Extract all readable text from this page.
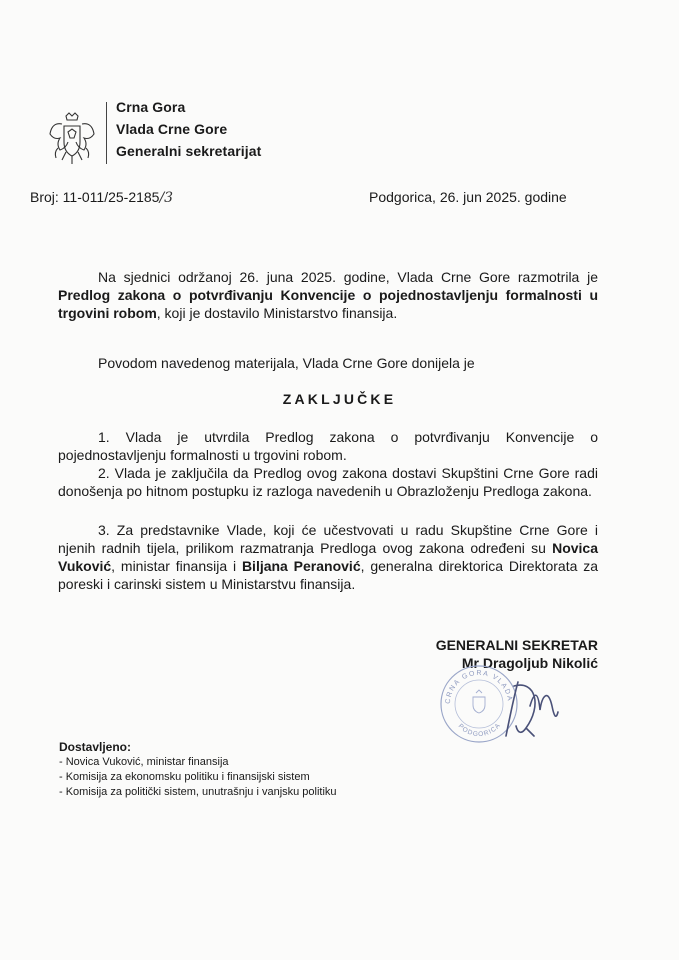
Crna Gora
Vlada Crne Gore
Generalni sekretarijat
Broj: 11-011/25-2185/3	Podgorica, 26. jun 2025. godine
Na sjednici održanoj 26. juna 2025. godine, Vlada Crne Gore razmotrila je Predlog zakona o potvrđivanju Konvencije o pojednostavljenju formalnosti u trgovini robom, koji je dostavilo Ministarstvo finansija.
Povodom navedenog materijala, Vlada Crne Gore donijela je
ZAKLJUČKE
1. Vlada je utvrdila Predlog zakona o potvrđivanju Konvencije o pojednostavljenju formalnosti u trgovini robom.
2. Vlada je zaključila da Predlog ovog zakona dostavi Skupštini Crne Gore radi donošenja po hitnom postupku iz razloga navedenih u Obrazloženju Predloga zakona.
3. Za predstavnike Vlade, koji će učestvovati u radu Skupštine Crne Gore i njenih radnih tijela, prilikom razmatranja Predloga ovog zakona određeni su Novica Vuković, ministar finansija i Biljana Peranović, generalna direktorica Direktorata za poreski i carinski sistem u Ministarstvu finansija.
GENERALNI SEKRETAR
Mr Dragoljub Nikolić
CRNA GORA VLADA
PODGORICA
Dostavljeno:
- Novica Vuković, ministar finansija
- Komisija za ekonomsku politiku i finansijski sistem
- Komisija za politički sistem, unutrašnju i vanjsku politiku
